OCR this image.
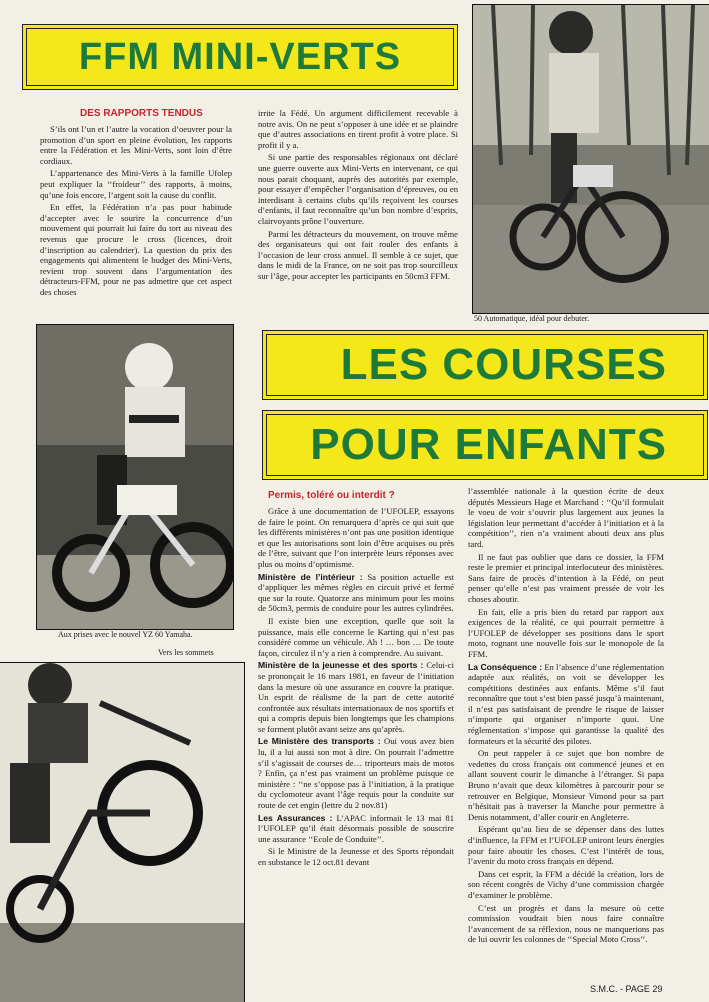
FFM MINI-VERTS
50 Automatique, idéal pour debuter.
DES RAPPORTS TENDUS

S’ils ont l’un et l’autre la vocation d’oeuvrer pour la promotion d’un sport en pleine évolution, les rapports entre la Fédération et les Mini-Verts, sont loin d’être cordiaux.

L’appartenance des Mini-Verts à la famille Ufolep peut expliquer la ‘‘froideur’’ des rapports, à moins, qu’une fois encore, l’argent soit la cause du conflit.

En effet, la Fédération n’a pas pour habitude d’accepter avec le sourire la concurrence d’un mouvement qui pourrait lui faire du tort au niveau des revenus que procure le cross (licences, droit d’inscription au calendrier). La question du prix des engagements qui alimentent le budget des Mini-Verts, revient trop souvent dans l’argumentation des détracteurs-FFM, pour ne pas admettre que cet aspect des choses

irrite la Fédé. Un argument difficilement recevable à notre avis. On ne peut s’opposer à une idée et se plaindre que d’autres associations en tirent profit à votre place. Si profit il y a.

Si une partie des responsables régionaux ont déclaré une guerre ouverte aux Mini-Verts en intervenant, ce qui nous parait choquant, auprès des autorités par exemple, pour essayer d’empêcher l’organisation d’épreuves, ou en interdisant à certains clubs qu’ils reçoivent les courses d’enfants, il faut reconnaître qu’un bon nombre d’esprits, clairvoyants prône l’ouverture.

Parmi les détracteurs du mouvement, on trouve même des organisateurs qui ont fait rouler des enfants à l’occasion de leur cross annuel. Il semble à ce sujet, que dans le midi de la France, on ne soit pas trop sourcilleux sur l’âge, pour accepter les participants en 50cm3 FFM.

Aux prises avec le nouvel YZ 60 Yamaha.
Vers les sommets
LES COURSES
POUR ENFANTS
Permis, toléré ou interdit ?

Grâce à une documentation de l’UFOLEP, essayons de faire le point. On remarquera d’après ce qui suit que les différents ministères n’ont pas une position identique et que les autorisations sont loin d’être acquises ou près de l’être, suivant que l’on interprète leurs réponses avec plus ou moins d’optimisme.

Ministère de l’intérieur : Sa position actuelle est d’appliquer les mêmes règles en circuit privé et fermé que sur la route. Quatorze ans minimum pour les moins de 50cm3, permis de conduire pour les autres cylindrées.

Il existe bien une exception, quelle que soit la puissance, mais elle concerne le Karting qui n’est pas considéré comme un véhicule. Ah ! … bon … De toute façon, circulez il n’y a rien à comprendre. Au suivant.

Ministère de la jeunesse et des sports : Celui-ci se prononçait le 16 mars 1981, en faveur de l’initiation dans la mesure où une assurance en couvre la pratique. Un esprit de réalisme de la part de cette autorité confrontée aux résultats internationaux de nos sportifs et qui a compris depuis bien longtemps que les champions se forment plutôt avant seize ans qu’après.

Le Ministère des transports : Oui vous avez bien lu, il a lui aussi son mot à dire. On pourrait l’admettre s’il s’agissait de courses de… triporteurs mais de motos ? Enfin, ça n’est pas vraiment un problème puisque ce ministère : ‘‘ne s’oppose pas à l’initiation, à la pratique du cyclomoteur avant l’âge requis pour la conduite sur route de cet engin (lettre du 2 nov.81)

Les Assurances : L’APAC informait le 13 mai 81 l’UFOLEP qu’il était désormais possible de souscrire une assurance ‘‘Ecole de Conduite’’.

Si le Ministre de la Jeunesse et des Sports répondait en substance le 12 oct.81 devant

l’assemblée nationale à la question écrite de deux députés Messieurs Hage et Marchand : ‘‘Qu’il formulait le voeu de voir s’ouvrir plus largement aux jeunes la législation leur permettant d’accéder à l’initiation et à la compétition’’, rien n’a vraiment abouti deux ans plus tard.

Il ne faut pas oublier que dans ce dossier, la FFM reste le premier et principal interlocuteur des ministères. Sans faire de procès d’intention à la Fédé, on peut penser qu’elle n’est pas vraiment pressée de voir les choses aboutir.

En fait, elle a pris bien du retard par rapport aux exigences de la réalité, ce qui pourrait permettre à l’UFOLEP de développer ses positions dans le sport moto, rognant une nouvelle fois sur le monopole de la FFM.

La Conséquence : En l’absence d’une réglementation adaptée aux réalités, on voit se développer les compétitions destinées aux enfants. Même s’il faut reconnaître que tout s’est bien passé jusqu’à maintenant, il n’est pas satisfaisant de prendre le risque de laisser n’importe qui organiser n’importe quoi. Une réglementation s’impose qui garantisse la qualité des formateurs et la sécurité des pilotes.

On peut rappeler à ce sujet que bon nombre de vedettes du cross français ont commencé jeunes et en allant souvent courir le dimanche à l’étranger. Si papa Bruno n’avait que deux kilomètres à parcourir pour se retrouver en Belgique, Monsieur Vimond pour sa part n’hésitait pas à traverser la Manche pour permettre à Denis notamment, d’aller courir en Angleterre.

Espérant qu’au lieu de se dépenser dans des luttes d’influence, la FFM et l’UFOLEP uniront leurs énergies pour faire aboutir les choses. C’est l’intérêt de tous, l’avenir du moto cross français en dépend.

Dans cet esprit, la FFM a décidé la création, lors de son récent congrès de Vichy d’une commission chargée d’examiner le problème.

C’est un progrès et dans la mesure où cette commission voudrait bien nous faire connaître l’avancement de sa réflexion, nous ne manquerions pas de lui ouvrir les colonnes de ‘‘Special Moto Cross’’.

S.M.C. - PAGE 29
